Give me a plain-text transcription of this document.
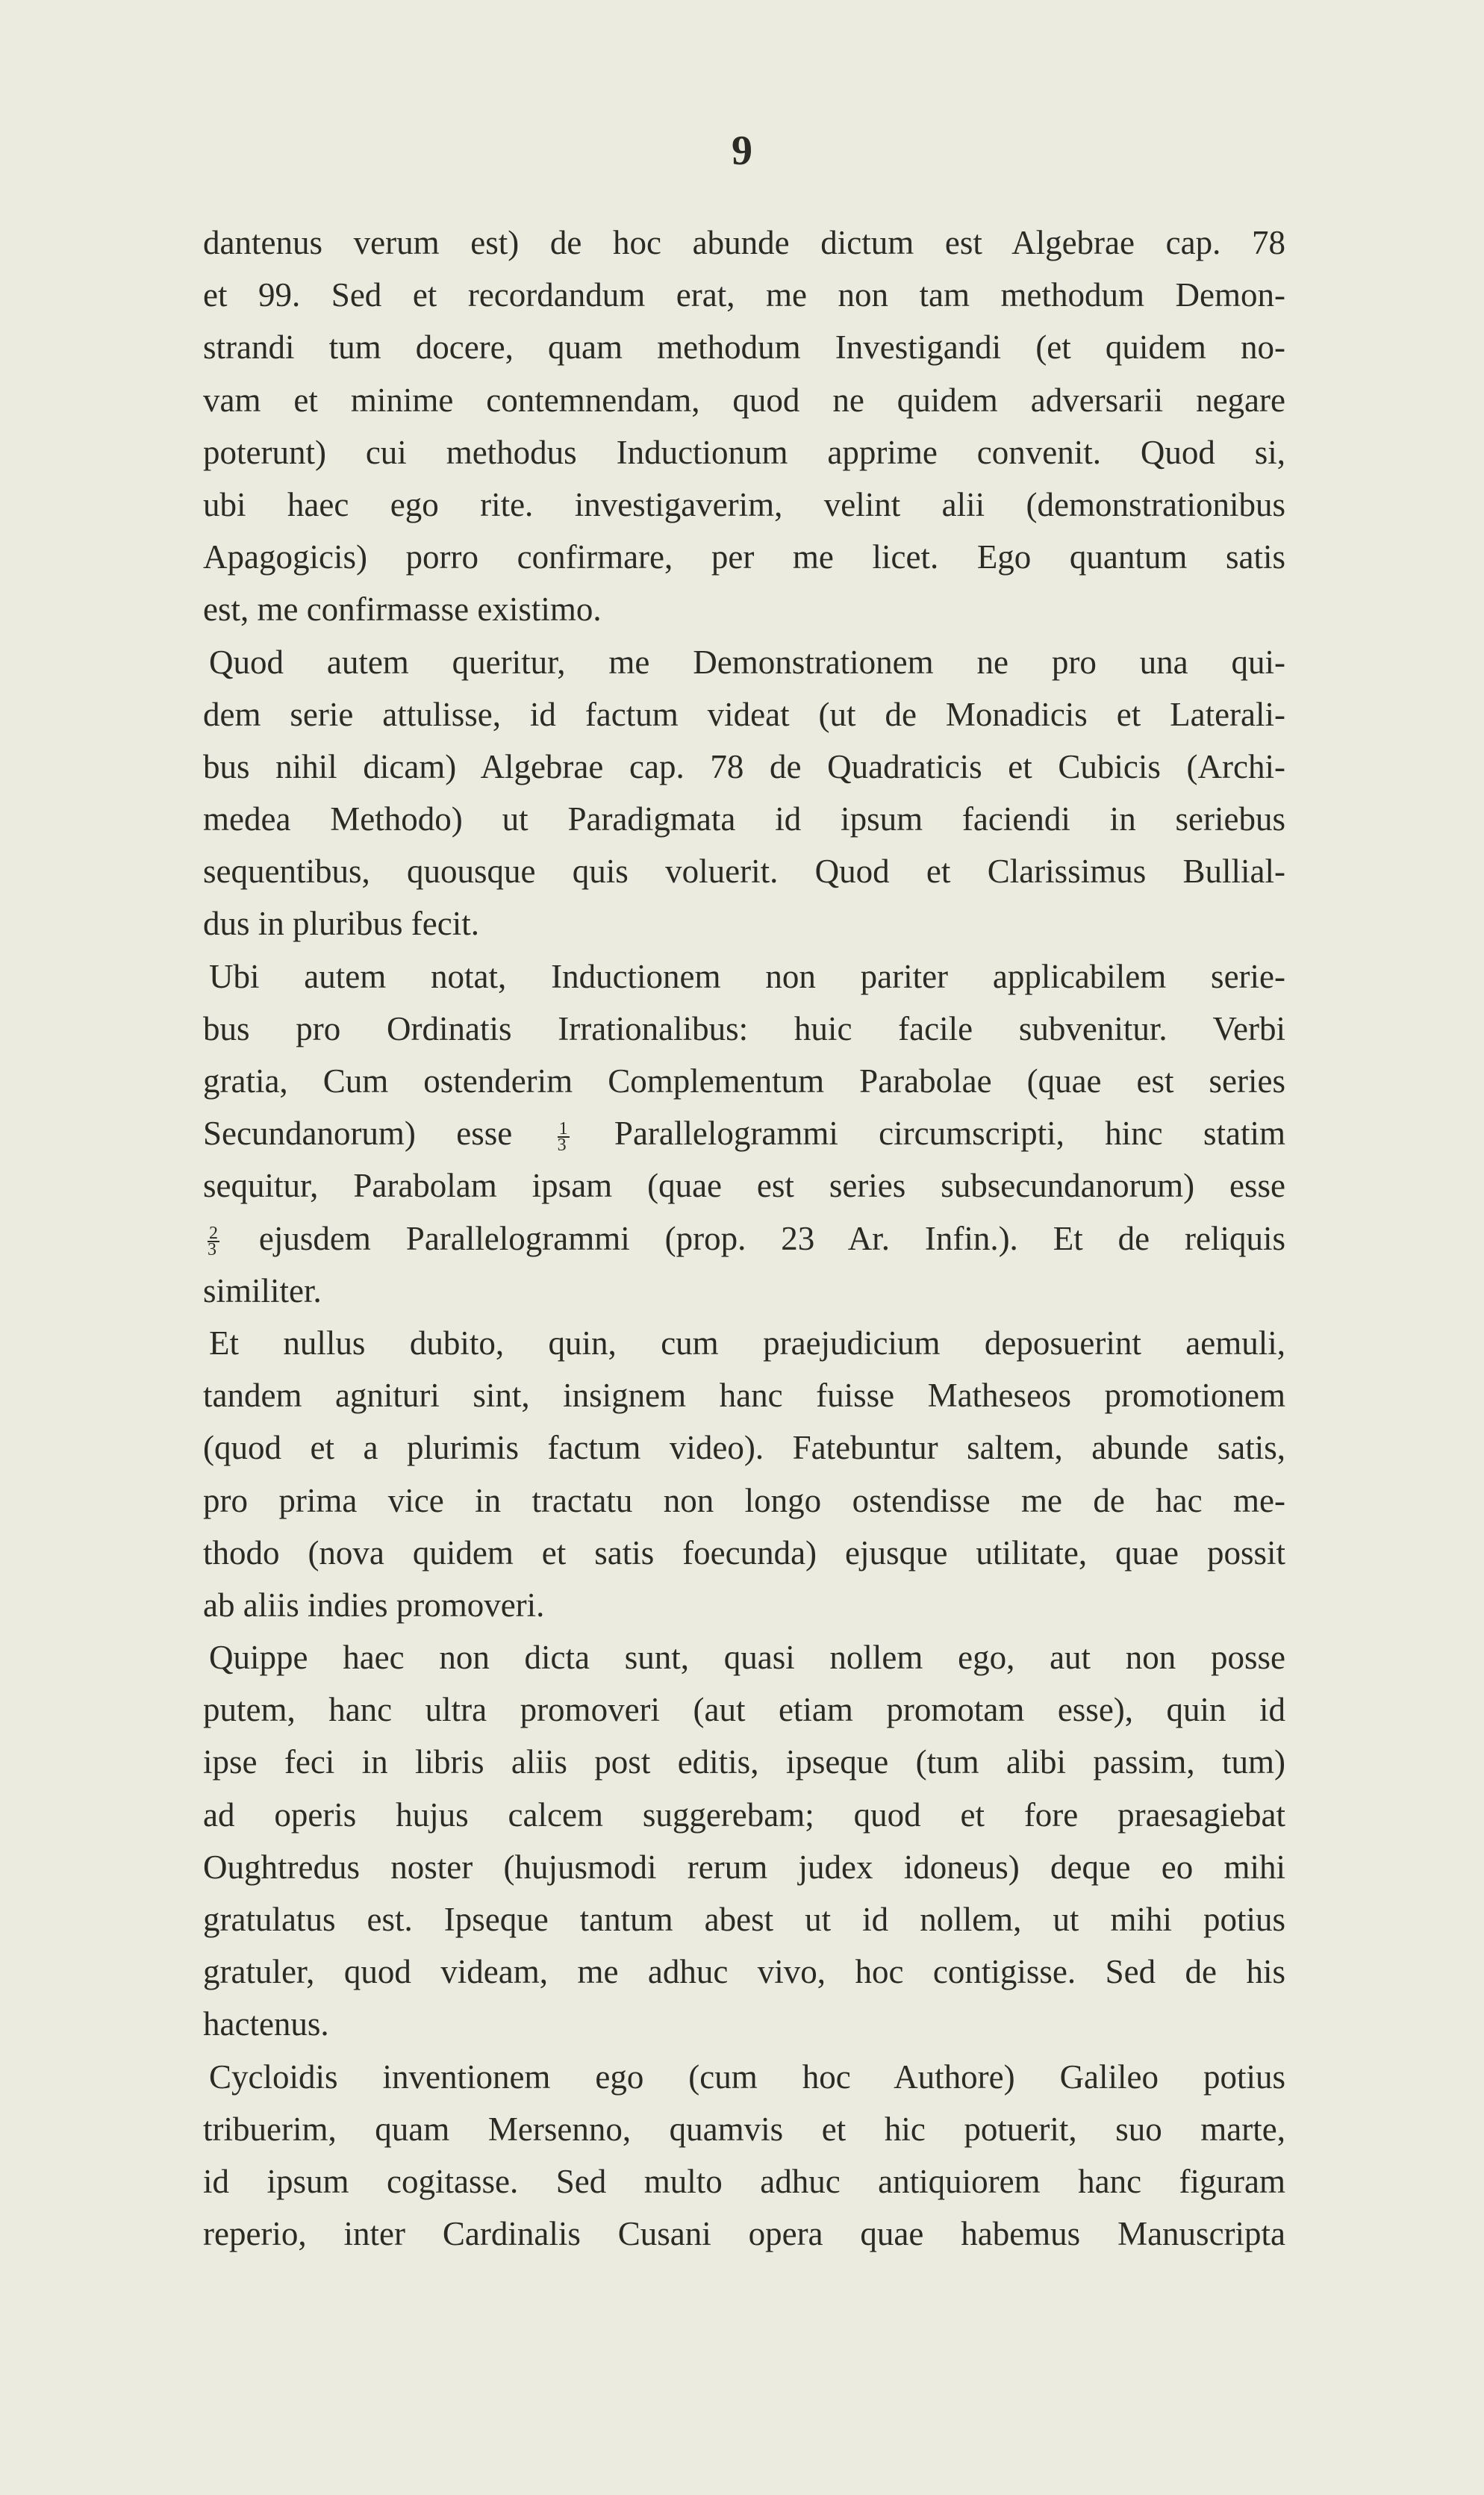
9
dantenus verum est) de hoc abunde dictum est Algebrae cap. 78
et 99. Sed et recordandum erat, me non tam methodum Demon-
strandi tum docere, quam methodum Investigandi (et quidem no-
vam et minime contemnendam, quod ne quidem adversarii negare
poterunt) cui methodus Inductionum apprime convenit. Quod si,
ubi haec ego rite. investigaverim, velint alii (demonstrationibus
Apagogicis) porro confirmare, per me licet. Ego quantum satis
est, me confirmasse existimo.
Quod autem queritur, me Demonstrationem ne pro una qui-
dem serie attulisse, id factum videat (ut de Monadicis et Laterali-
bus nihil dicam) Algebrae cap. 78 de Quadraticis et Cubicis (Archi-
medea Methodo) ut Paradigmata id ipsum faciendi in seriebus
sequentibus, quousque quis voluerit. Quod et Clarissimus Bullial-
dus in pluribus fecit.
Ubi autem notat, Inductionem non pariter applicabilem serie-
bus pro Ordinatis Irrationalibus: huic facile subvenitur. Verbi
gratia, Cum ostenderim Complementum Parabolae (quae est series
Secundanorum) esse	$\frac{1}{3}$ Parallelogrammi circumscripti, hinc statim
sequitur, Parabolam ipsam (quae est series subsecundanorum) esse
$\frac{2}{3}$ ejusdem Parallelogrammi (prop. 23 Ar. Infin.). Et de reliquis
similiter.
Et nullus dubito, quin, cum praejudicium deposuerint aemuli,
tandem agnituri sint, insignem hanc fuisse Matheseos promotionem
(quod et a plurimis factum video). Fatebuntur saltem, abunde satis,
pro prima vice in tractatu non longo ostendisse me de hac me-
thodo (nova quidem et satis foecunda) ejusque utilitate, quae possit
ab aliis indies promoveri.
Quippe haec non dicta sunt, quasi nollem ego, aut non posse
putem, hanc ultra promoveri (aut etiam promotam esse), quin id
ipse feci in libris aliis post editis, ipseque (tum alibi passim, tum)
ad operis hujus calcem suggerebam; quod et fore praesagiebat
Oughtredus noster (hujusmodi rerum judex idoneus) deque eo mihi
gratulatus est. Ipseque tantum abest ut id nollem, ut mihi potius
gratuler, quod videam, me adhuc vivo, hoc contigisse. Sed de his
hactenus.
Cycloidis inventionem ego (cum hoc Authore) Galileo potius
tribuerim, quam Mersenno, quamvis et hic potuerit, suo marte,
id ipsum cogitasse. Sed multo adhuc antiquiorem hanc figuram
reperio, inter Cardinalis Cusani opera quae habemus Manuscripta
